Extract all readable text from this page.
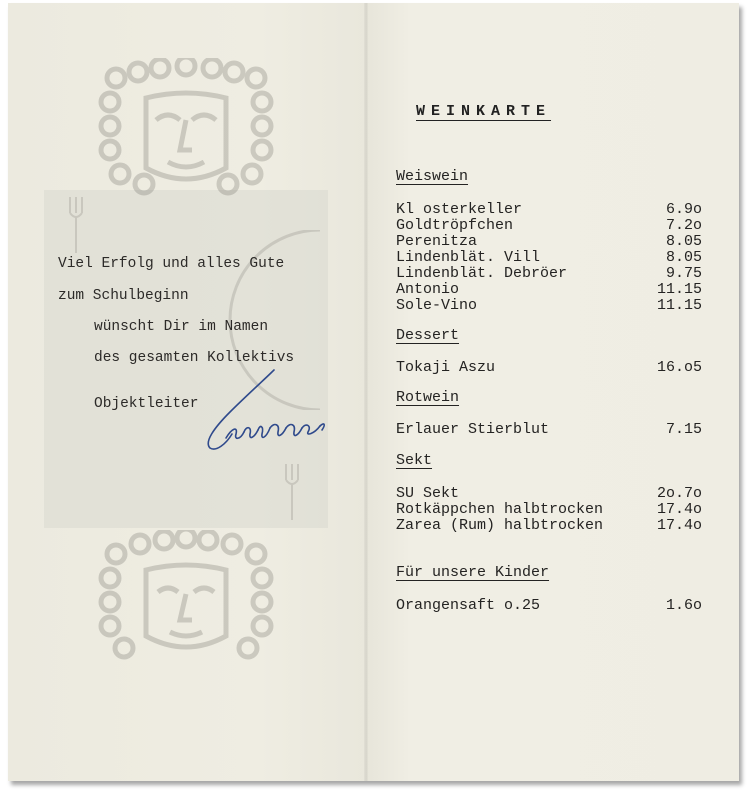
Viel Erfolg und alles Gute
zum Schulbeginn
wünscht Dir im Namen
des gesamten Kollektivs
Objektleiter
WEINKARTE
Weiswein
Kl osterkeller	6.9o
Goldtröpfchen	7.2o
Perenitza	8.05
Lindenblät. Vill	8.05
Lindenblät. Debröer	9.75
Antonio	11.15
Sole-Vino	11.15
Dessert
Tokaji Aszu	16.o5
Rotwein
Erlauer Stierblut	7.15
Sekt
SU Sekt	2o.7o
Rotkäppchen halbtrocken	17.4o
Zarea (Rum) halbtrocken	17.4o
Für unsere Kinder
Orangensaft o.25	1.6o
